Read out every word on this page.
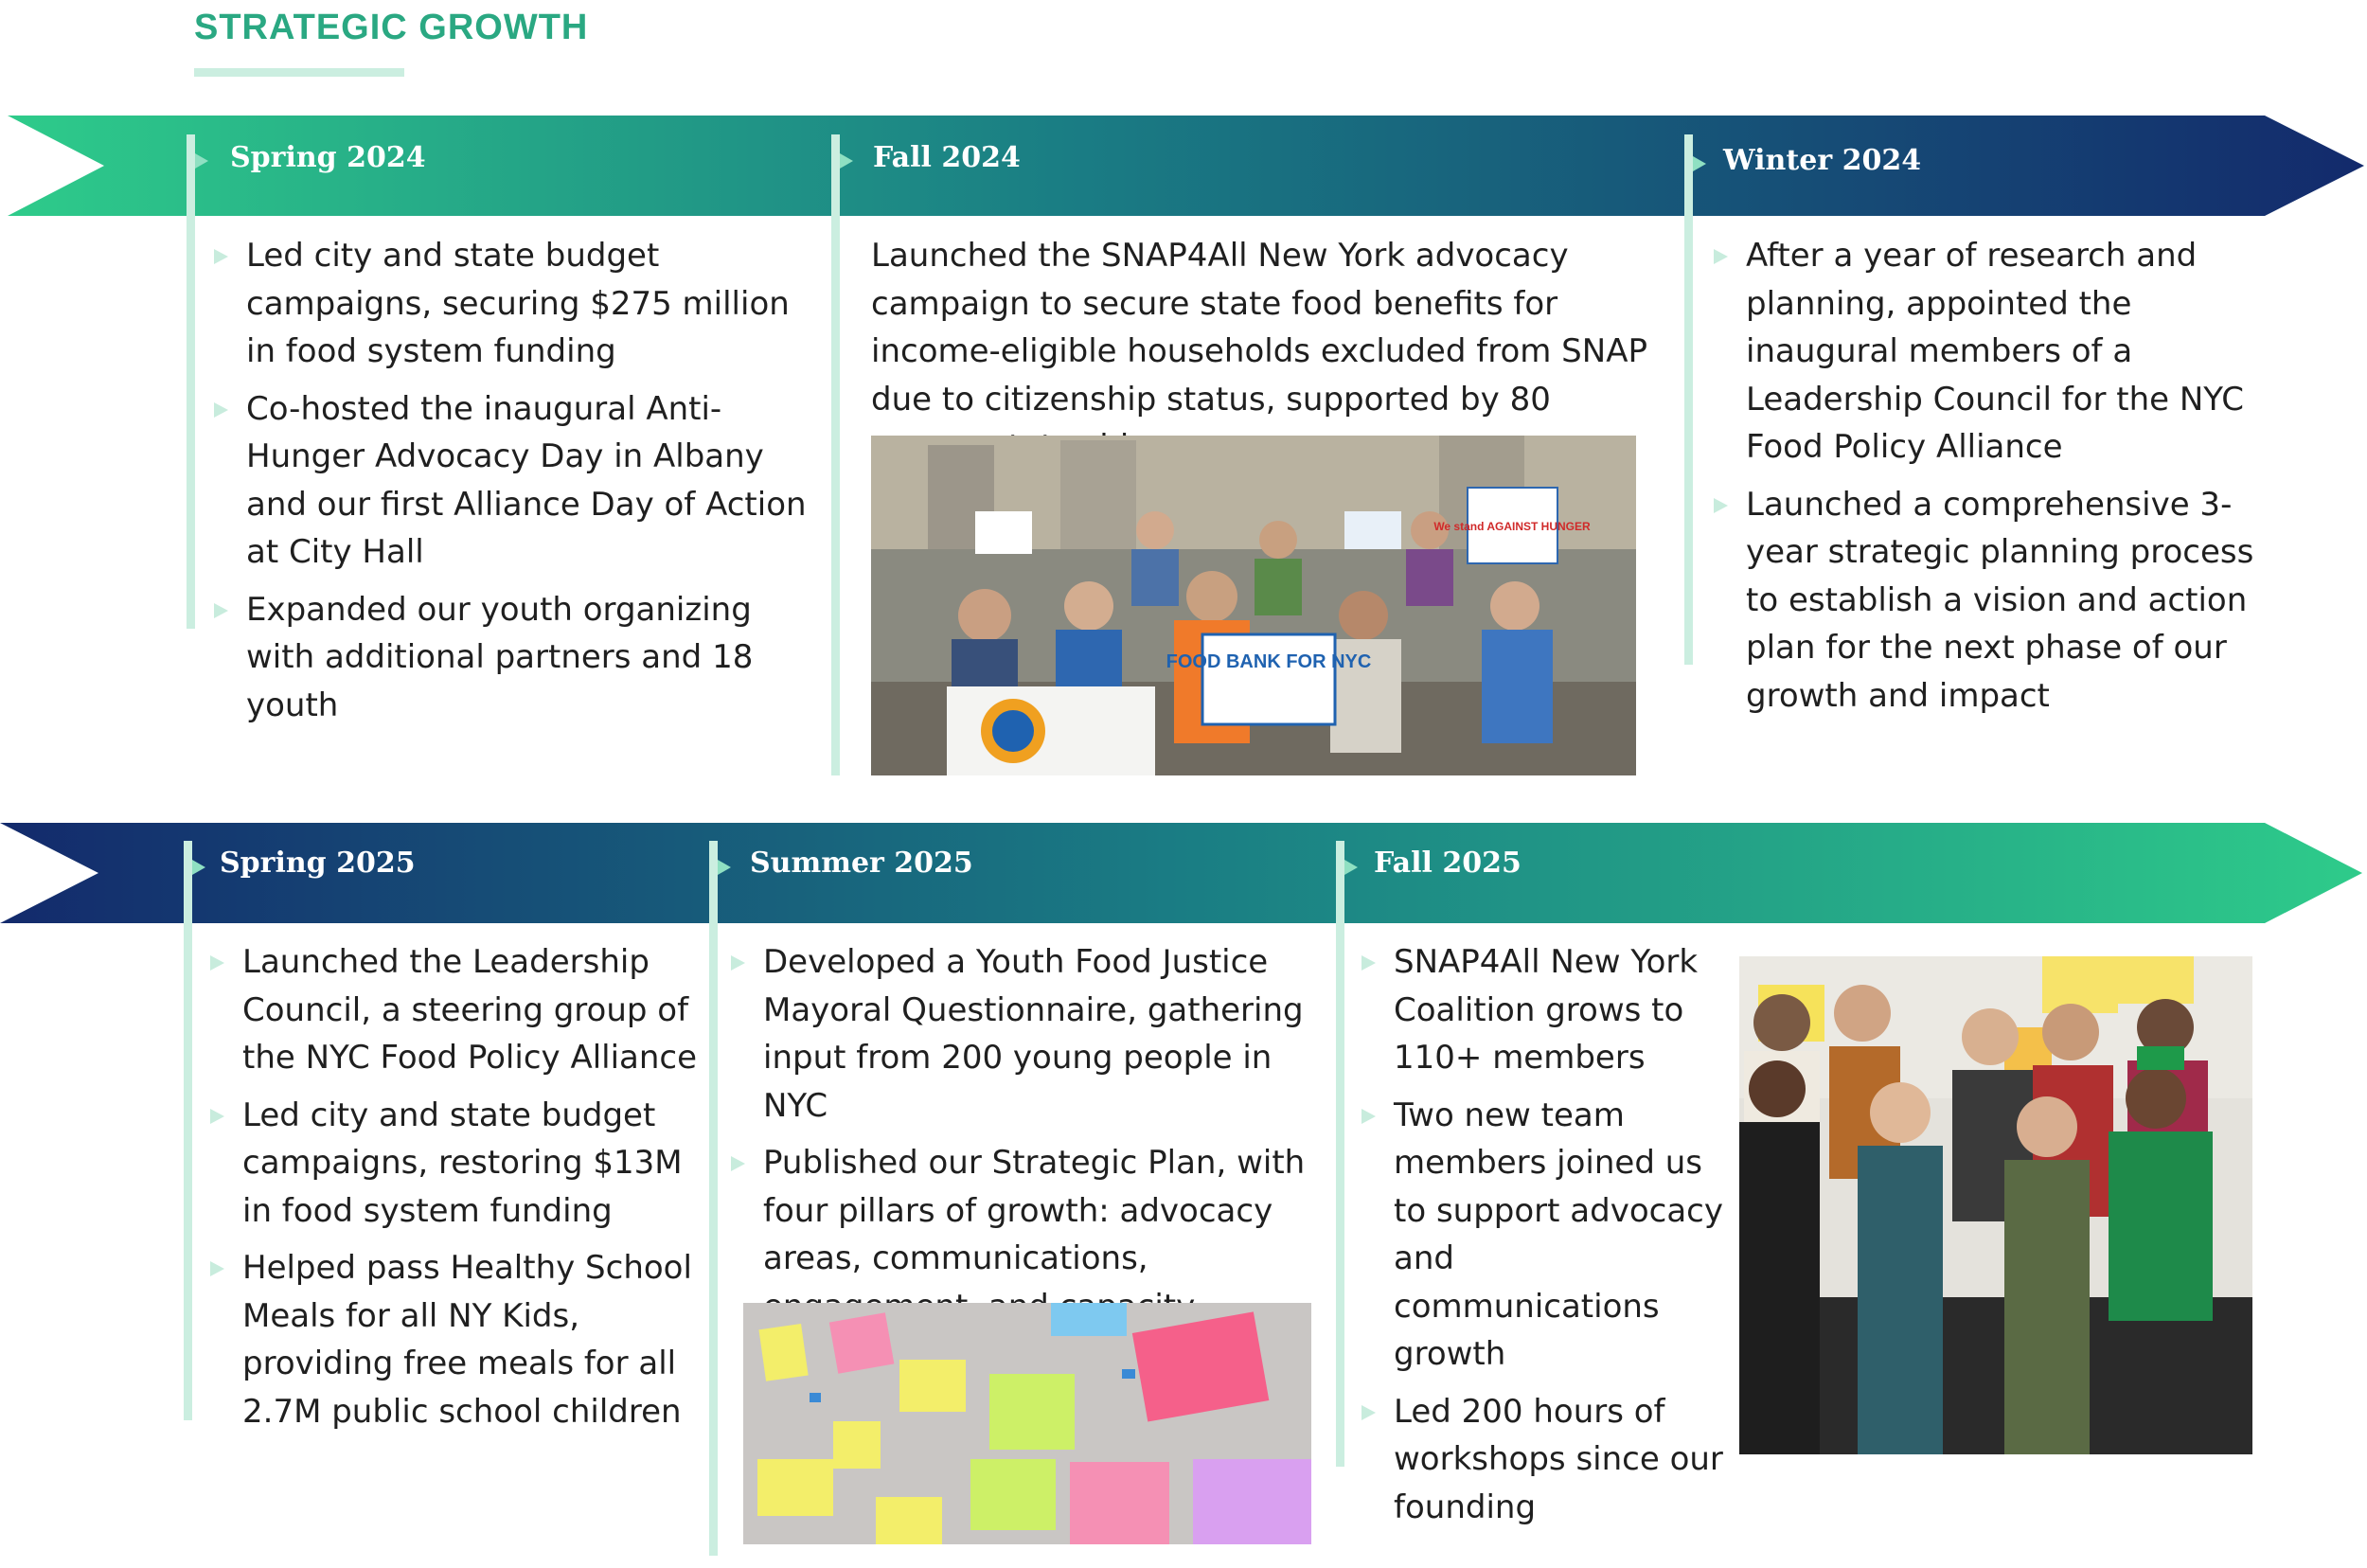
STRATEGIC GROWTH
Spring 2024
Led city and state budget campaigns, securing $275 million in food system funding
Co-hosted the inaugural Anti-Hunger Advocacy Day in Albany and our first Alliance Day of Action at City Hall
Expanded our youth organizing with additional partners and 18 youth
Fall 2024

Launched the SNAP4All New York advocacy campaign to secure state food benefits for income-eligible households excluded from SNAP due to citizenship status, supported by 80

FOOD BANK FOR NYC
We stand AGAINST HUNGER
Winter 2024
After a year of research and planning, appointed the inaugural members of a Leadership Council for the NYC Food Policy Alliance
Launched a comprehensive 3-year strategic planning process to establish a vision and action plan for the next phase of our growth and impact
Spring 2025
Launched the Leadership Council, a steering group of the NYC Food Policy Alliance
Led city and state budget campaigns, restoring $13M in food system funding
Helped pass Healthy School Meals for all NY Kids, providing free meals for all 2.7M public school children
Summer 2025
Developed a Youth Food Justice Mayoral Questionnaire, gathering input from 200 young people in NYC
Published our Strategic Plan, with four pillars of growth: advocacy areas, communications,
Fall 2025
SNAP4All New York Coalition grows to 110+ members
Two new team members joined us to support advocacy and communications growth
Led 200 hours of workshops since our founding
